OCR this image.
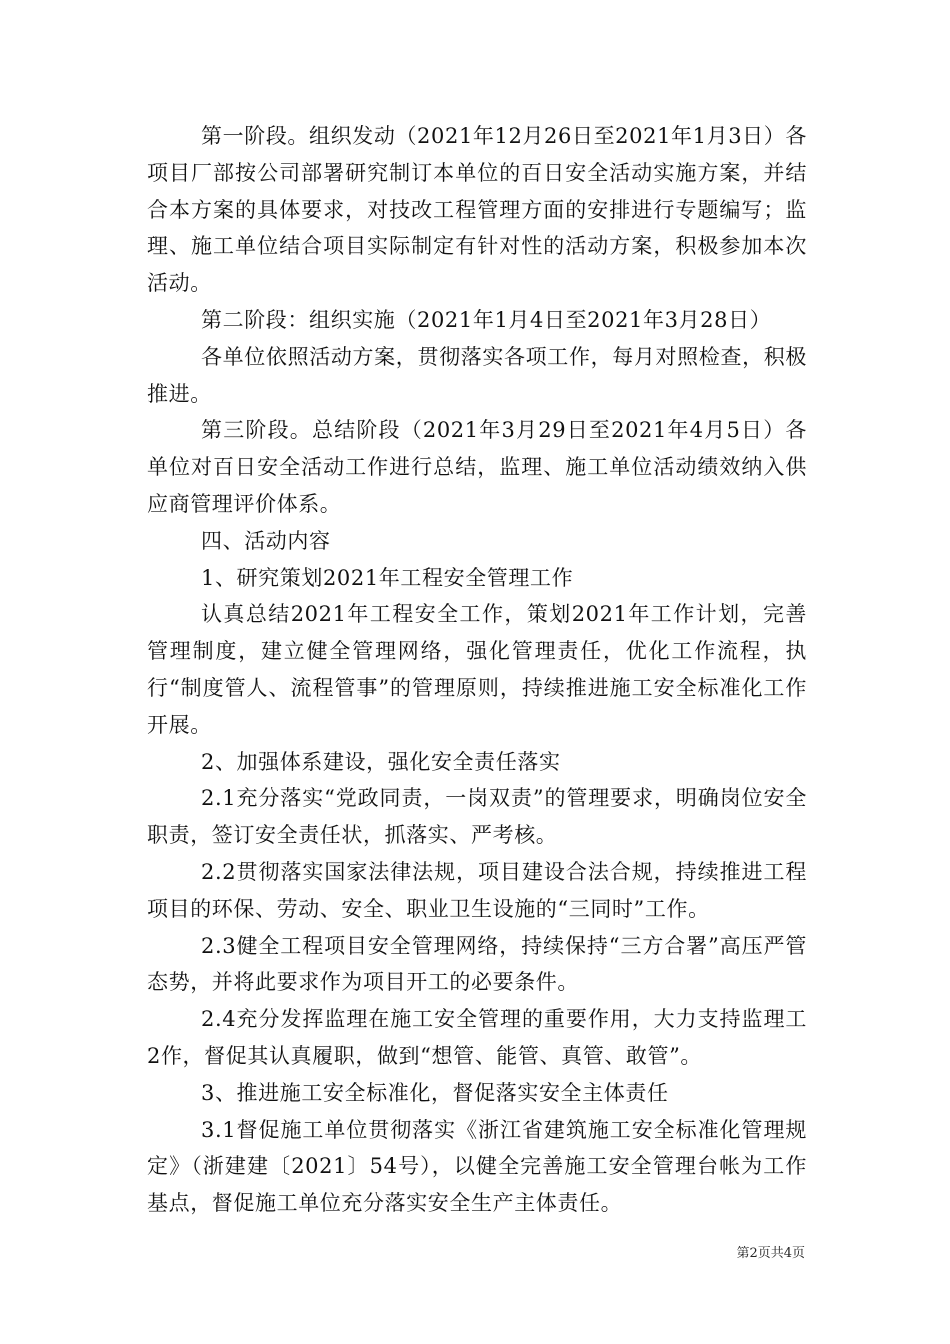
第一阶段。组织发动（2021年12月26日至2021年1月3日）各项目厂部按公司部署研究制订本单位的百日安全活动实施方案，并结合本方案的具体要求，对技改工程管理方面的安排进行专题编写；监理、施工单位结合项目实际制定有针对性的活动方案，积极参加本次活动。

第二阶段：组织实施（2021年1月4日至2021年3月28日）

各单位依照活动方案，贯彻落实各项工作，每月对照检查，积极推进。

第三阶段。总结阶段（2021年3月29日至2021年4月5日）各单位对百日安全活动工作进行总结，监理、施工单位活动绩效纳入供应商管理评价体系。

四、活动内容

1、研究策划2021年工程安全管理工作

认真总结2021年工程安全工作，策划2021年工作计划，完善管理制度，建立健全管理网络，强化管理责任，优化工作流程，执行“制度管人、流程管事”的管理原则，持续推进施工安全标准化工作开展。

2、加强体系建设，强化安全责任落实

2.1充分落实“党政同责，一岗双责”的管理要求，明确岗位安全职责，签订安全责任状，抓落实、严考核。

2.2贯彻落实国家法律法规，项目建设合法合规，持续推进工程项目的环保、劳动、安全、职业卫生设施的“三同时”工作。

2.3健全工程项目安全管理网络，持续保持“三方合署”高压严管态势，并将此要求作为项目开工的必要条件。

2.4充分发挥监理在施工安全管理的重要作用，大力支持监理工2作，督促其认真履职，做到“想管、能管、真管、敢管”。

3、推进施工安全标准化，督促落实安全主体责任

3.1督促施工单位贯彻落实《浙江省建筑施工安全标准化管理规定》（浙建建〔2021〕54号），以健全完善施工安全管理台帐为工作基点，督促施工单位充分落实安全生产主体责任。

第2页共4页
